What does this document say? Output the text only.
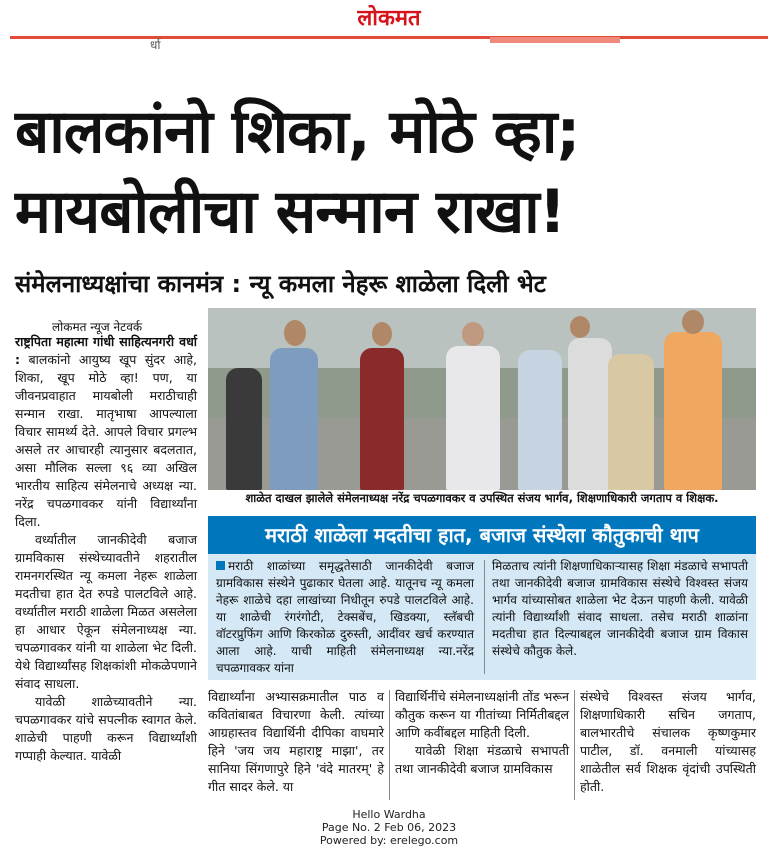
लोकमत
र्धा
बालकांनो शिका, मोठे व्हा;
मायबोलीचा सन्मान राखा!
संमेलनाध्यक्षांचा कानमंत्र : न्यू कमला नेहरू शाळेला दिली भेट
लोकमत न्यूज नेटवर्क

राष्ट्रपिता महात्मा गांधी साहित्यनगरी वर्धा : बालकांनो आयुष्य खूप सुंदर आहे, शिका, खूप मोठे व्हा! पण, या जीवनप्रवाहात मायबोली मराठीचाही सन्मान राखा. मातृभाषा आपल्याला विचार सामर्थ्य देते. आपले विचार प्रगल्भ असले तर आचारही त्यानुसार बदलतात, असा मौलिक सल्ला ९६ व्या अखिल भारतीय साहित्य संमेलनाचे अध्यक्ष न्या. नरेंद्र चपळगावकर यांनी विद्यार्थ्यांना दिला.

वर्ध्यातील जानकीदेवी बजाज ग्रामविकास संस्थेच्यावतीने शहरातील रामनगरस्थित न्यू कमला नेहरू शाळेला मदतीचा हात देत रुपडे पालटविले आहे. वर्ध्यातील मराठी शाळेला मिळत असलेला हा आधार ऐकून संमेलनाध्यक्ष न्या. चपळगावकर यांनी या शाळेला भेट दिली. येथे विद्यार्थ्यांसह शिक्षकांशी मोकळेपणाने संवाद साधला.

यावेळी शाळेच्यावतीने न्या. चपळगावकर यांचे सपत्नीक स्वागत केले. शाळेची पाहणी करून विद्यार्थ्यांशी गप्पाही केल्यात. यावेळी

शाळेत दाखल झालेले संमेलनाध्यक्ष नरेंद्र चपळगावकर व उपस्थित संजय भार्गव, शिक्षणाधिकारी जगताप व शिक्षक.
मराठी शाळेला मदतीचा हात, बजाज संस्थेला कौतुकाची थाप
मराठी शाळांच्या समृद्धतेसाठी जानकीदेवी बजाज ग्रामविकास संस्थेने पुढाकार घेतला आहे. यातूनच न्यू कमला नेहरू शाळेचे दहा लाखांच्या निधीतून रुपडे पालटविले आहे. या शाळेची रंगरंगोटी, टेक्सबेंच, खिडक्या, स्लॅबची वॉटरप्रुफिंग आणि किरकोळ दुरुस्ती, आदींवर खर्च करण्यात आला आहे. याची माहिती संमेलनाध्यक्ष न्या.नरेंद्र चपळगावकर यांना
मिळताच त्यांनी शिक्षणाधिकाऱ्यासह शिक्षा मंडळाचे सभापती तथा जानकीदेवी बजाज ग्रामविकास संस्थेचे विश्वस्त संजय भार्गव यांच्यासोबत शाळेला भेट देऊन पाहणी केली. यावेळी त्यांनी विद्यार्थ्यांशी संवाद साधला. तसेच मराठी शाळांना मदतीचा हात दिल्याबद्दल जानकीदेवी बजाज ग्राम विकास संस्थेचे कौतुक केले.
विद्यार्थ्यांना अभ्यासक्रमातील पाठ व कवितांबाबत विचारणा केली. त्यांच्या आग्रहास्तव विद्यार्थिनी दीपिका वाघमारे हिने 'जय जय महाराष्ट्र माझा', तर सानिया सिंगणापुरे हिने 'वंदे मातरम्' हे गीत सादर केले. या

विद्यार्थिनींचे संमेलनाध्यक्षांनी तोंड भरून कौतुक करून या गीतांच्या निर्मितीबद्दल आणि कवींबद्दल माहिती दिली.

यावेळी शिक्षा मंडळाचे सभापती तथा जानकीदेवी बजाज ग्रामविकास

संस्थेचे विश्वस्त संजय भार्गव, शिक्षणाधिकारी सचिन जगताप, बालभारतीचे संचालक कृष्णकुमार पाटील, डॉ. वनमाली यांच्यासह शाळेतील सर्व शिक्षक वृंदांची उपस्थिती होती.
Hello Wardha
Page No. 2 Feb 06, 2023
Powered by: erelego.com
